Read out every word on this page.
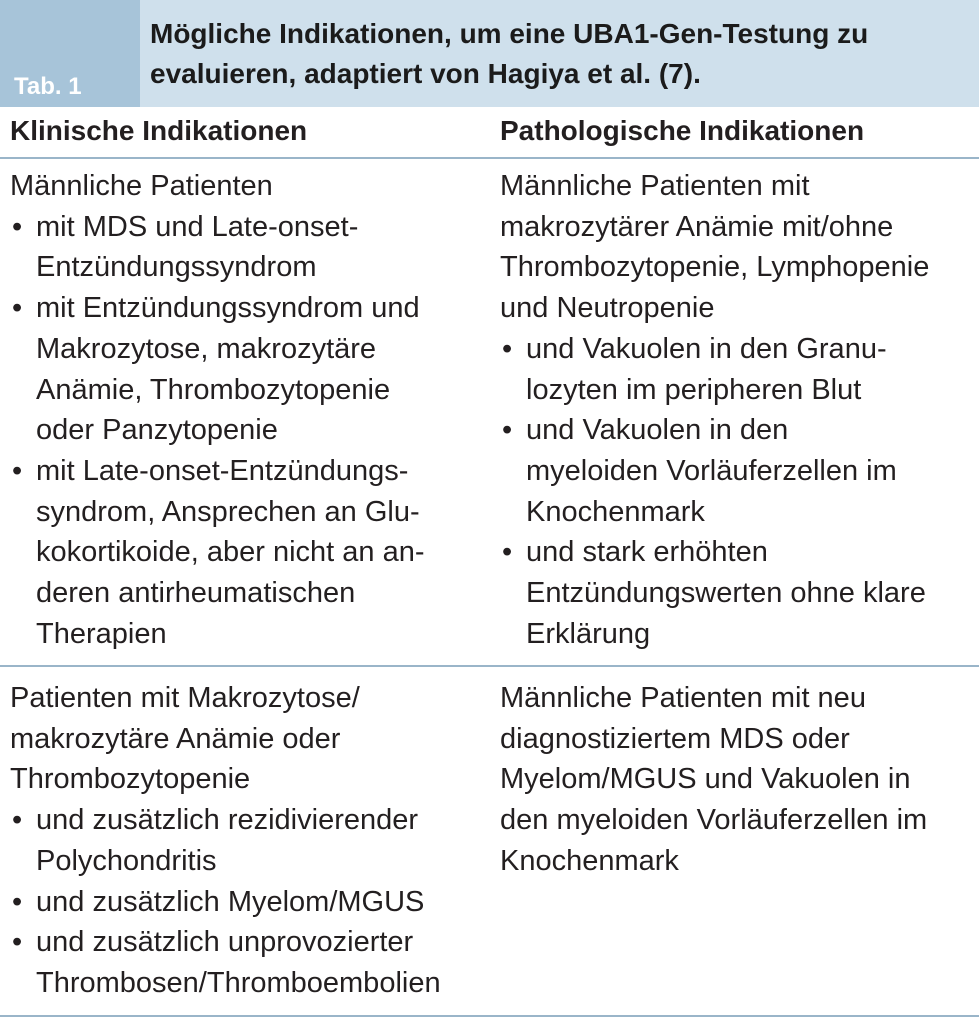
Tab. 1
Mögliche Indikationen, um eine UBA1-Gen-Testung zu
evaluieren, adaptiert von Hagiya et al. (7).
Klinische Indikationen	Pathologische Indikationen
Männliche Patienten
• mit MDS und Late-onset-
Entzündungssyndrom
• mit Entzündungssyndrom und
Makrozytose, makrozytäre
Anämie, Thrombozytopenie
oder Panzytopenie
• mit Late-onset-Entzündungs-
syndrom, Ansprechen an Glu-
kokortikoide, aber nicht an an-
deren antirheumatischen
Therapien
Männliche Patienten mit
makrozytärer Anämie mit/ohne
Thrombozytopenie, Lymphopenie
und Neutropenie
• und Vakuolen in den Granu-
lozyten im peripheren Blut
• und Vakuolen in den
myeloiden Vorläuferzellen im
Knochenmark
• und stark erhöhten
Entzündungswerten ohne klare
Erklärung
Patienten mit Makrozytose/
makrozytäre Anämie oder
Thrombozytopenie
• und zusätzlich rezidivierender
Polychondritis
• und zusätzlich Myelom/MGUS
• und zusätzlich unprovozierter
Thrombosen/Thromboembolien
Männliche Patienten mit neu
diagnostiziertem MDS oder
Myelom/MGUS und Vakuolen in
den myeloiden Vorläuferzellen im
Knochenmark
